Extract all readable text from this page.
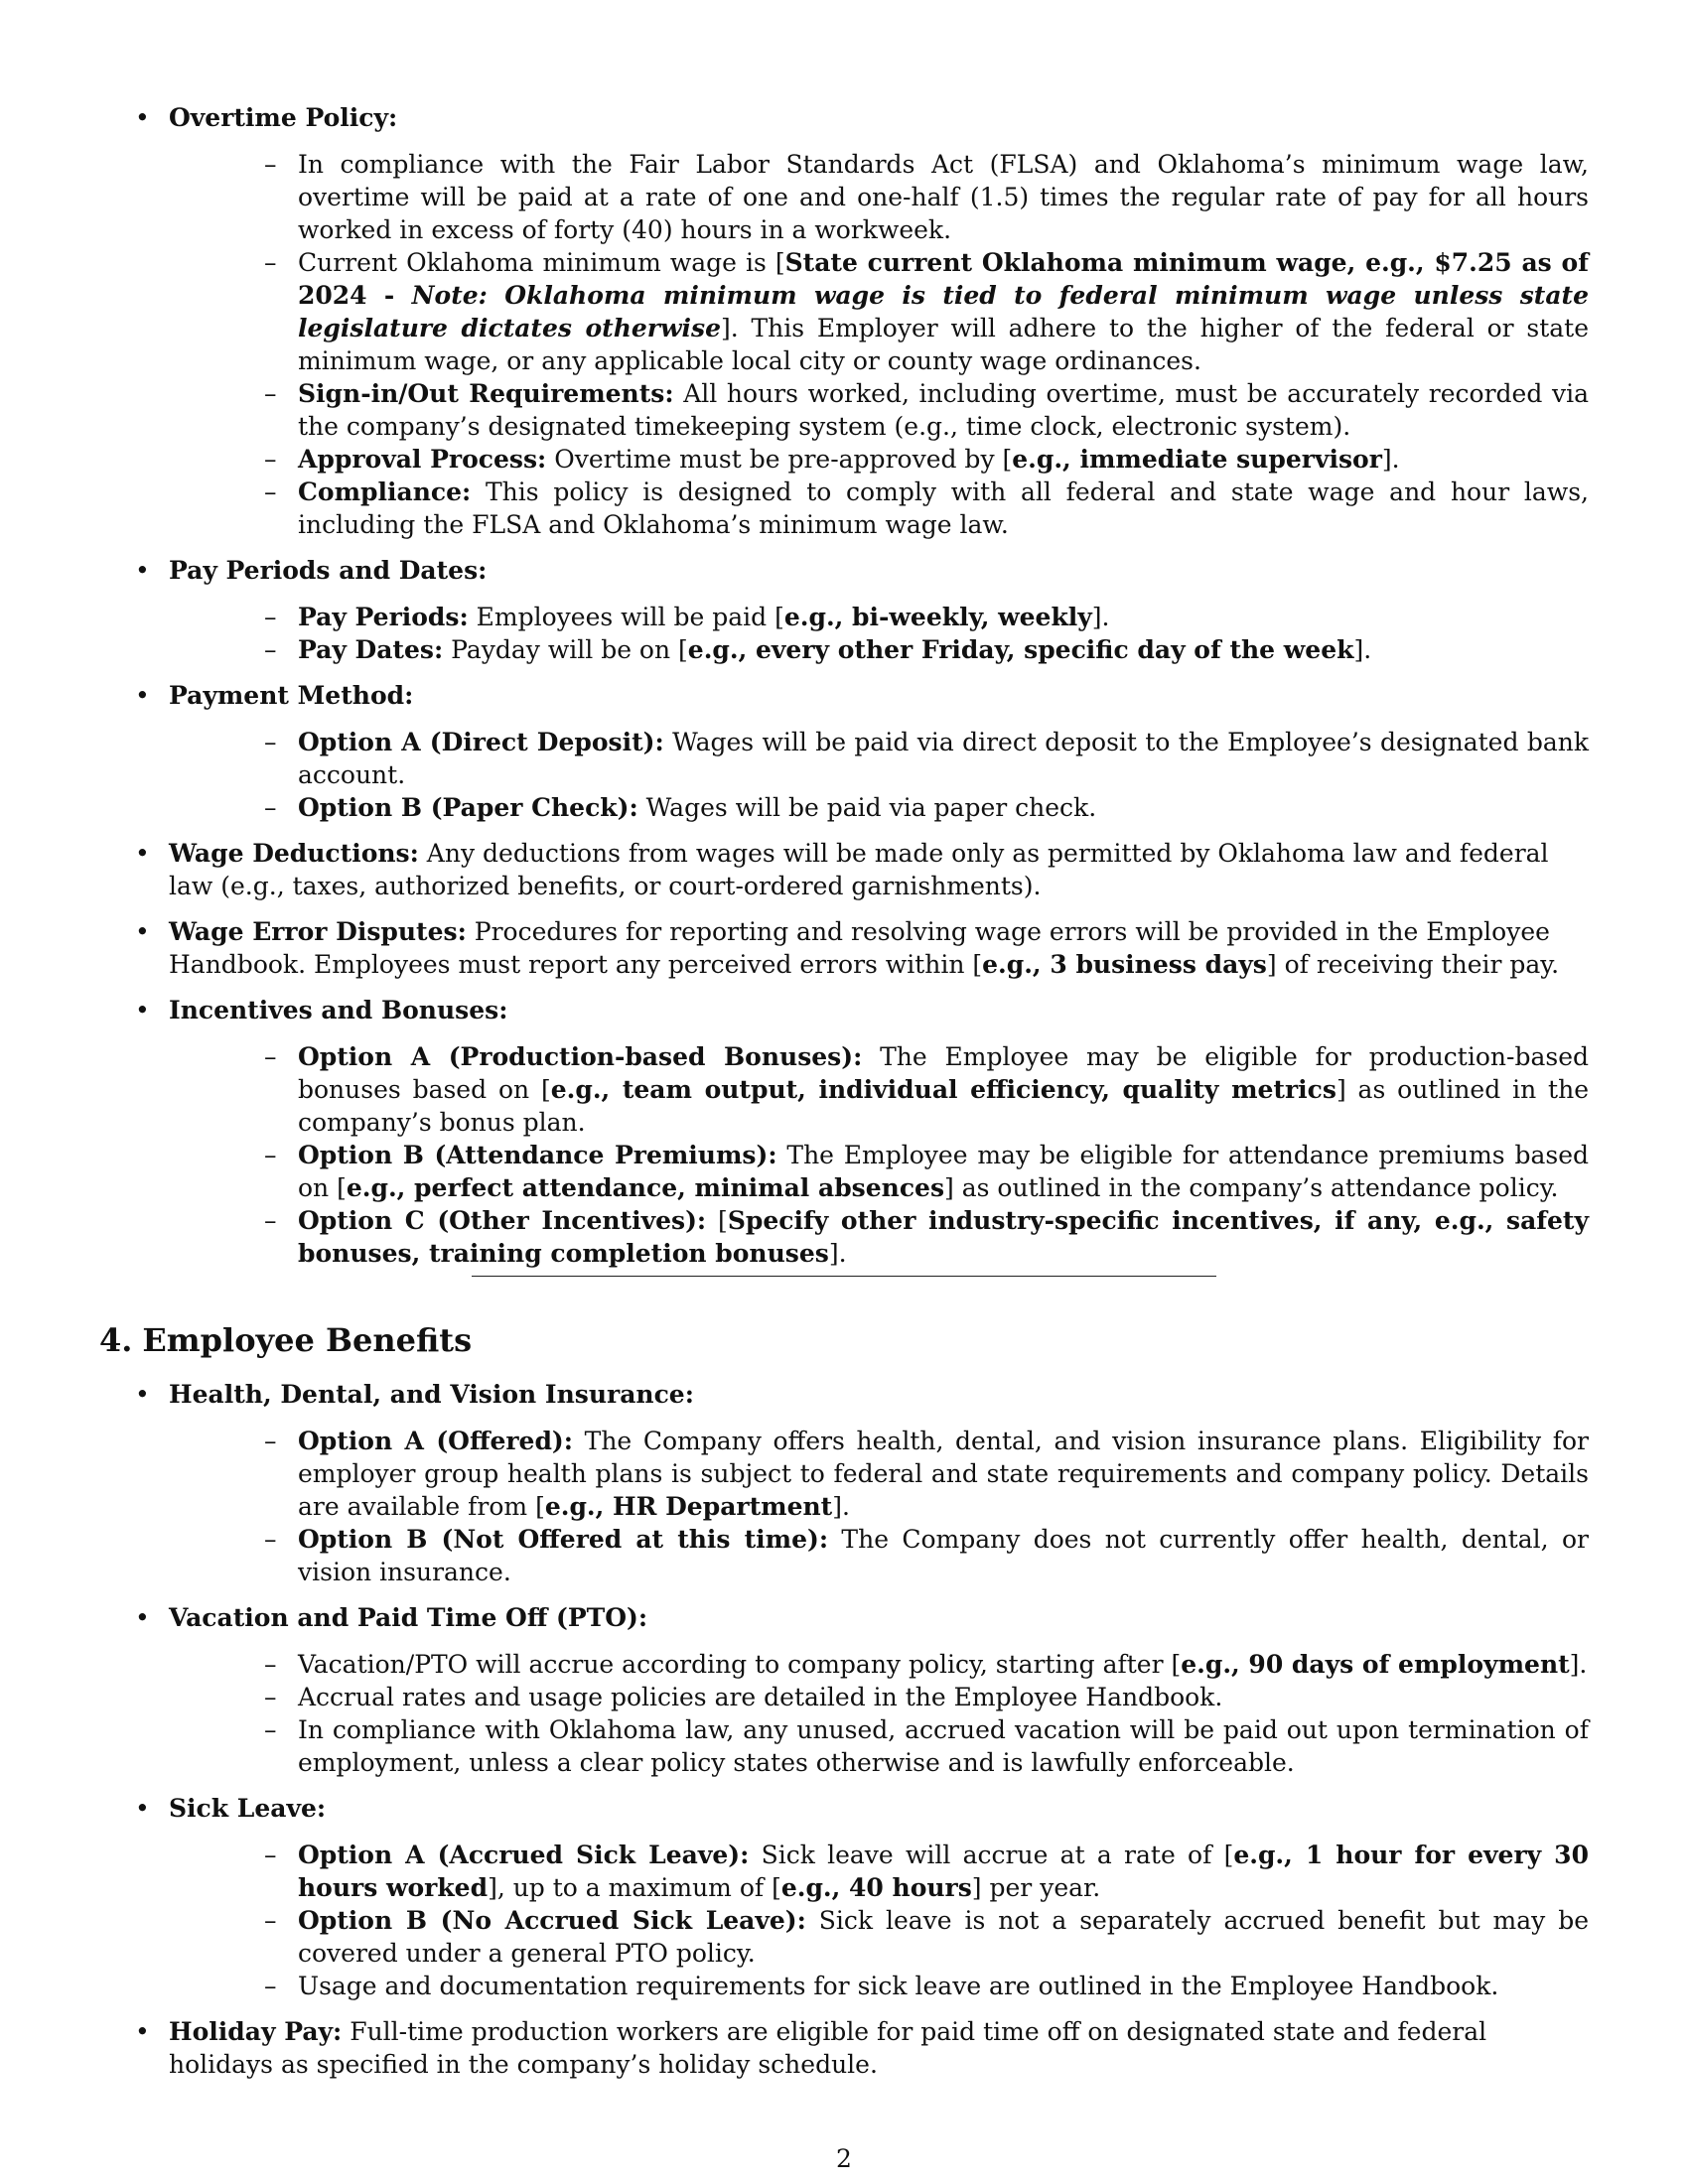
• Overtime Policy:
– In compliance with the Fair Labor Standards Act (FLSA) and Oklahoma’s minimum wage law, overtime will be paid at a rate of one and one-half (1.5) times the regular rate of pay for all hours worked in excess of forty (40) hours in a workweek.
– Current Oklahoma minimum wage is [State current Oklahoma minimum wage, e.g., $7.25 as of 2024 - Note: Oklahoma minimum wage is tied to federal minimum wage unless state legislature dictates otherwise]. This Employer will adhere to the higher of the federal or state minimum wage, or any applicable local city or county wage ordinances.
– Sign-in/Out Requirements: All hours worked, including overtime, must be accurately recorded via the company’s designated timekeeping system (e.g., time clock, electronic system).
– Approval Process: Overtime must be pre-approved by [e.g., immediate supervisor].
– Compliance: This policy is designed to comply with all federal and state wage and hour laws, including the FLSA and Oklahoma’s minimum wage law.
• Pay Periods and Dates:
– Pay Periods: Employees will be paid [e.g., bi-weekly, weekly].
– Pay Dates: Payday will be on [e.g., every other Friday, specific day of the week].
• Payment Method:
– Option A (Direct Deposit): Wages will be paid via direct deposit to the Employee’s designated bank account.
– Option B (Paper Check): Wages will be paid via paper check.
• Wage Deductions: Any deductions from wages will be made only as permitted by Oklahoma law and federal law (e.g., taxes, authorized benefits, or court-ordered garnishments).
• Wage Error Disputes: Procedures for reporting and resolving wage errors will be provided in the Employee Handbook. Employees must report any perceived errors within [e.g., 3 business days] of receiving their pay.
• Incentives and Bonuses:
– Option A (Production-based Bonuses): The Employee may be eligible for production-based bonuses based on [e.g., team output, individual efficiency, quality metrics] as outlined in the company’s bonus plan.
– Option B (Attendance Premiums): The Employee may be eligible for attendance premiums based on [e.g., perfect attendance, minimal absences] as outlined in the company’s attendance policy.
– Option C (Other Incentives): [Specify other industry-specific incentives, if any, e.g., safety bonuses, training completion bonuses].
4. Employee Benefits
• Health, Dental, and Vision Insurance:
– Option A (Offered): The Company offers health, dental, and vision insurance plans. Eligibility for employer group health plans is subject to federal and state requirements and company policy. Details are available from [e.g., HR Department].
– Option B (Not Offered at this time): The Company does not currently offer health, dental, or vision insurance.
• Vacation and Paid Time Off (PTO):
– Vacation/PTO will accrue according to company policy, starting after [e.g., 90 days of employment].
– Accrual rates and usage policies are detailed in the Employee Handbook.
– In compliance with Oklahoma law, any unused, accrued vacation will be paid out upon termination of employment, unless a clear policy states otherwise and is lawfully enforceable.
• Sick Leave:
– Option A (Accrued Sick Leave): Sick leave will accrue at a rate of [e.g., 1 hour for every 30 hours worked], up to a maximum of [e.g., 40 hours] per year.
– Option B (No Accrued Sick Leave): Sick leave is not a separately accrued benefit but may be covered under a general PTO policy.
– Usage and documentation requirements for sick leave are outlined in the Employee Handbook.
• Holiday Pay: Full-time production workers are eligible for paid time off on designated state and federal holidays as specified in the company’s holiday schedule.
2
